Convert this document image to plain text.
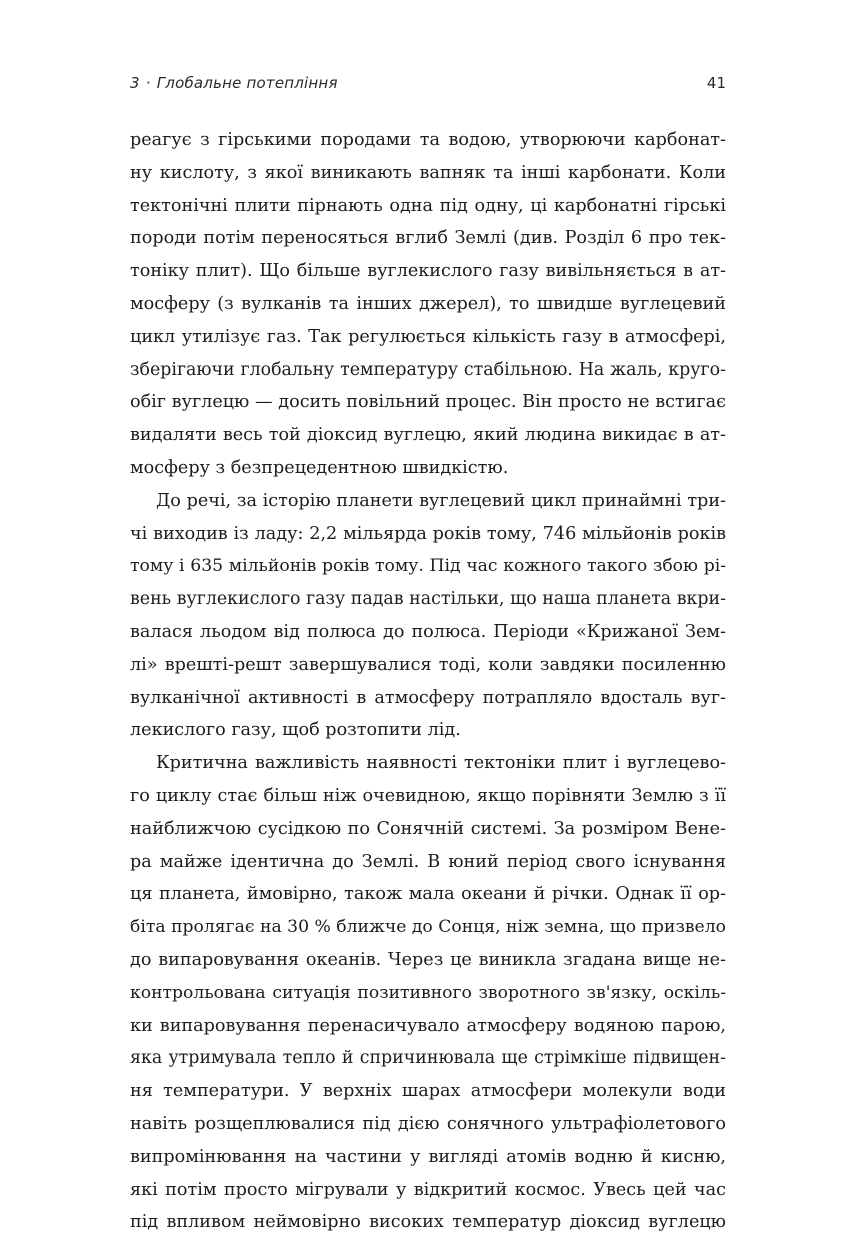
3 · Глобальне потепління	41
реагує з гірськими породами та водою, утворюючи карбонат-
ну кислоту, з якої виникають вапняк та інші карбонати. Коли
тектонічні плити пірнають одна під одну, ці карбонатні гірські
породи потім переносяться вглиб Землі (див. Розділ 6 про тек-
тоніку плит). Що більше вуглекислого газу вивільняється в ат-
мосферу (з вулканів та інших джерел), то швидше вуглецевий
цикл утилізує газ. Так регулюється кількість газу в атмосфері,
зберігаючи глобальну температуру стабільною. На жаль, круго-
обіг вуглецю — досить повільний процес. Він просто не встигає
видаляти весь той діоксид вуглецю, який людина викидає в ат-
мосферу з безпрецедентною швидкістю.
До речі, за історію планети вуглецевий цикл принаймні три-
чі виходив із ладу: 2,2 мільярда років тому, 746 мільйонів років
тому і 635 мільйонів років тому. Під час кожного такого збою рі-
вень вуглекислого газу падав настільки, що наша планета вкри-
валася льодом від полюса до полюса. Періоди «Крижаної Зем-
лі» врешті-решт завершувалися тоді, коли завдяки посиленню
вулканічної активності в атмосферу потрапляло вдосталь вуг-
лекислого газу, щоб розтопити лід.
Критична важливість наявності тектоніки плит і вуглецево-
го циклу стає більш ніж очевидною, якщо порівняти Землю з її
найближчою сусідкою по Сонячній системі. За розміром Вене-
ра майже ідентична до Землі. В юний період свого існування
ця планета, ймовірно, також мала океани й річки. Однак її ор-
біта пролягає на 30 % ближче до Сонця, ніж земна, що призвело
до випаровування океанів. Через це виникла згадана вище не-
контрольована ситуація позитивного зворотного зв'язку, оскіль-
ки випаровування перенасичувало атмосферу водяною парою,
яка утримувала тепло й спричинювала ще стрімкіше підвищен-
ня температури. У верхніх шарах атмосфери молекули води
навіть розщеплювалися під дією сонячного ультрафіолетового
випромінювання на частини у вигляді атомів водню й кисню,
які потім просто мігрували у відкритий космос. Увесь цей час
під впливом неймовірно високих температур діоксид вуглецю
